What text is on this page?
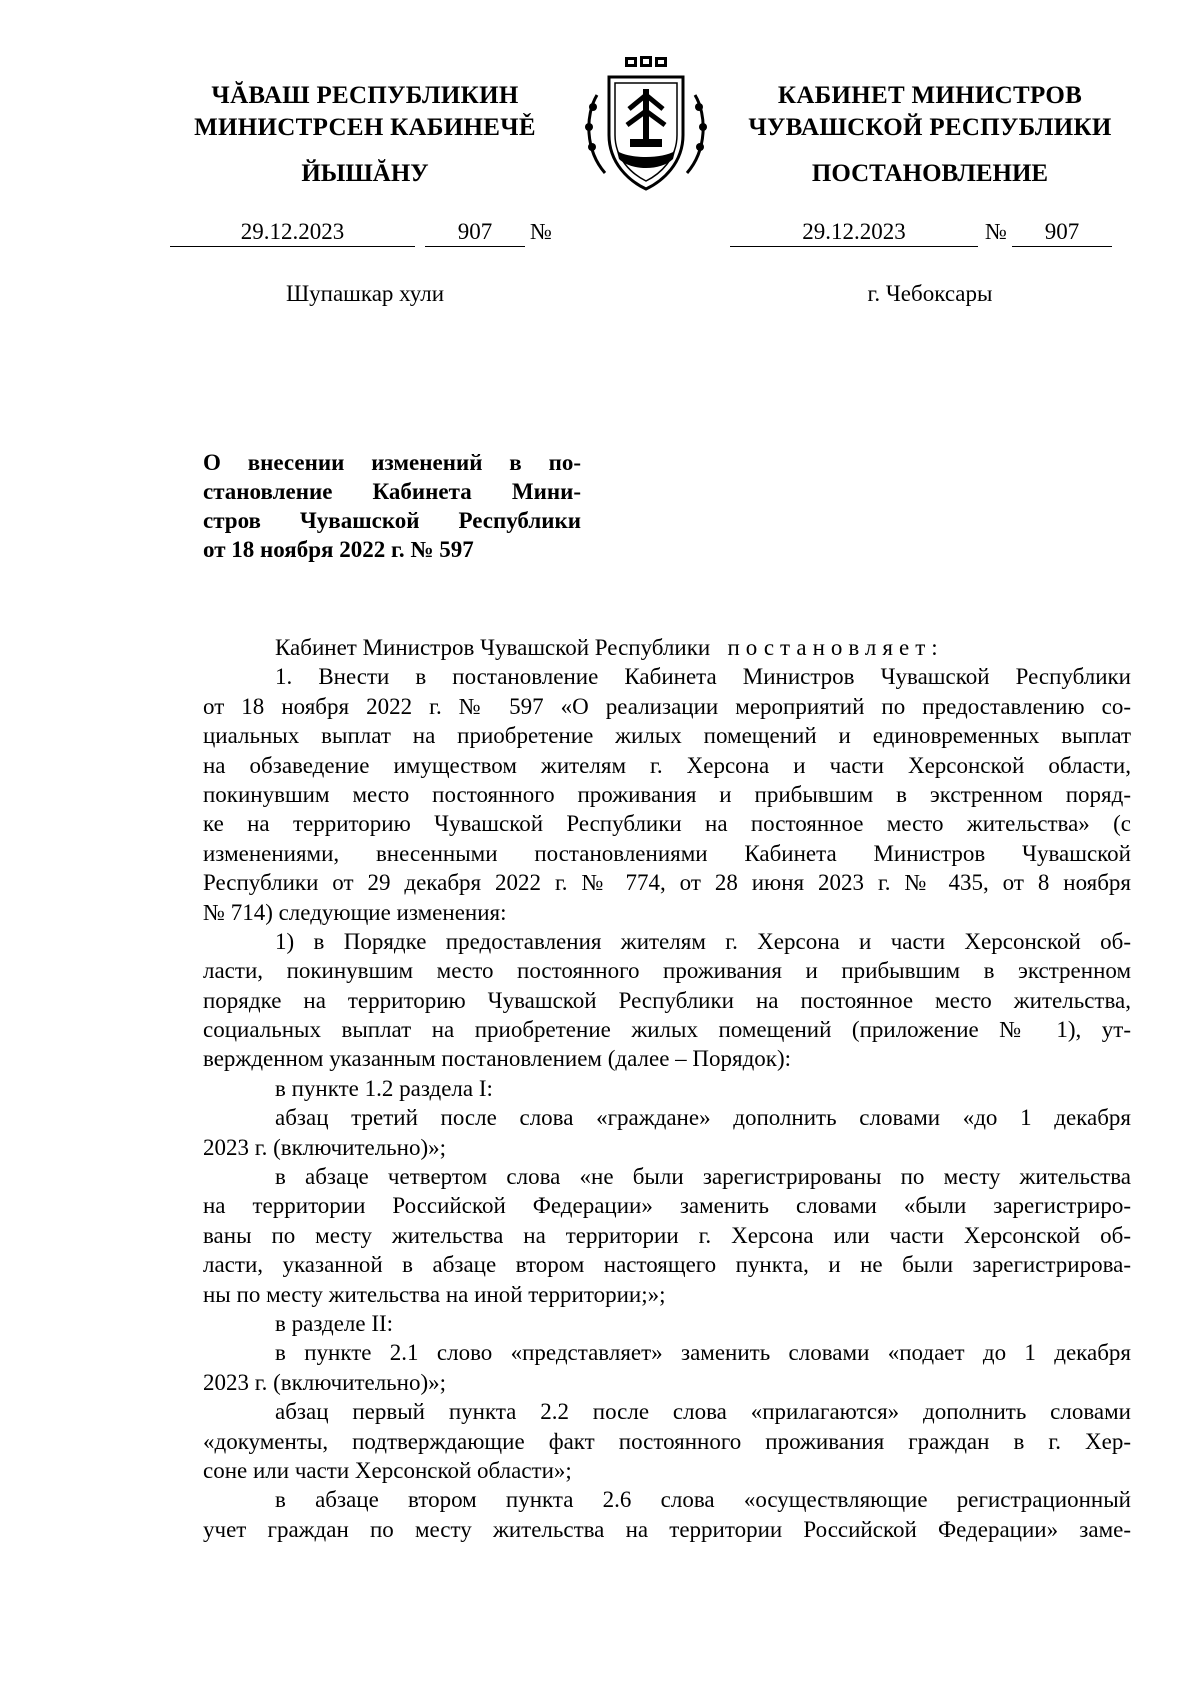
ЧĂВАШ РЕСПУБЛИКИН
МИНИСТРСЕН КАБИНЕЧĚ
ЙЫШĂНУ
КАБИНЕТ МИНИСТРОВ
ЧУВАШСКОЙ РЕСПУБЛИКИ
ПОСТАНОВЛЕНИЕ
29.12.2023	907	№	29.12.2023	№	907
Шупашкар хули	г. Чебоксары
О внесении изменений в по-
становление Кабинета Мини-
стров Чувашской Республики
от 18 ноября 2022 г. № 597
Кабинет Министров Чувашской Республики постановляет:
1. Внести в постановление Кабинета Министров Чувашской Республики
от 18 ноября 2022 г. № 597 «О реализации мероприятий по предоставлению со-
циальных выплат на приобретение жилых помещений и единовременных выплат
на обзаведение имуществом жителям г. Херсона и части Херсонской области,
покинувшим место постоянного проживания и прибывшим в экстренном поряд-
ке на территорию Чувашской Республики на постоянное место жительства» (с
изменениями, внесенными постановлениями Кабинета Министров Чувашской
Республики от 29 декабря 2022 г. № 774, от 28 июня 2023 г. № 435, от 8 ноября
№ 714) следующие изменения:
1) в Порядке предоставления жителям г. Херсона и части Херсонской об-
ласти, покинувшим место постоянного проживания и прибывшим в экстренном
порядке на территорию Чувашской Республики на постоянное место жительства,
социальных выплат на приобретение жилых помещений (приложение № 1), ут-
вержденном указанным постановлением (далее – Порядок):
в пункте 1.2 раздела I:
абзац третий после слова «граждане» дополнить словами «до 1 декабря
2023 г. (включительно)»;
в абзаце четвертом слова «не были зарегистрированы по месту жительства
на территории Российской Федерации» заменить словами «были зарегистриро-
ваны по месту жительства на территории г. Херсона или части Херсонской об-
ласти, указанной в абзаце втором настоящего пункта, и не были зарегистрирова-
ны по месту жительства на иной территории;»;
в разделе II:
в пункте 2.1 слово «представляет» заменить словами «подает до 1 декабря
2023 г. (включительно)»;
абзац первый пункта 2.2 после слова «прилагаются» дополнить словами
«документы, подтверждающие факт постоянного проживания граждан в г. Хер-
соне или части Херсонской области»;
в абзаце втором пункта 2.6 слова «осуществляющие регистрационный
учет граждан по месту жительства на территории Российской Федерации» заме-
